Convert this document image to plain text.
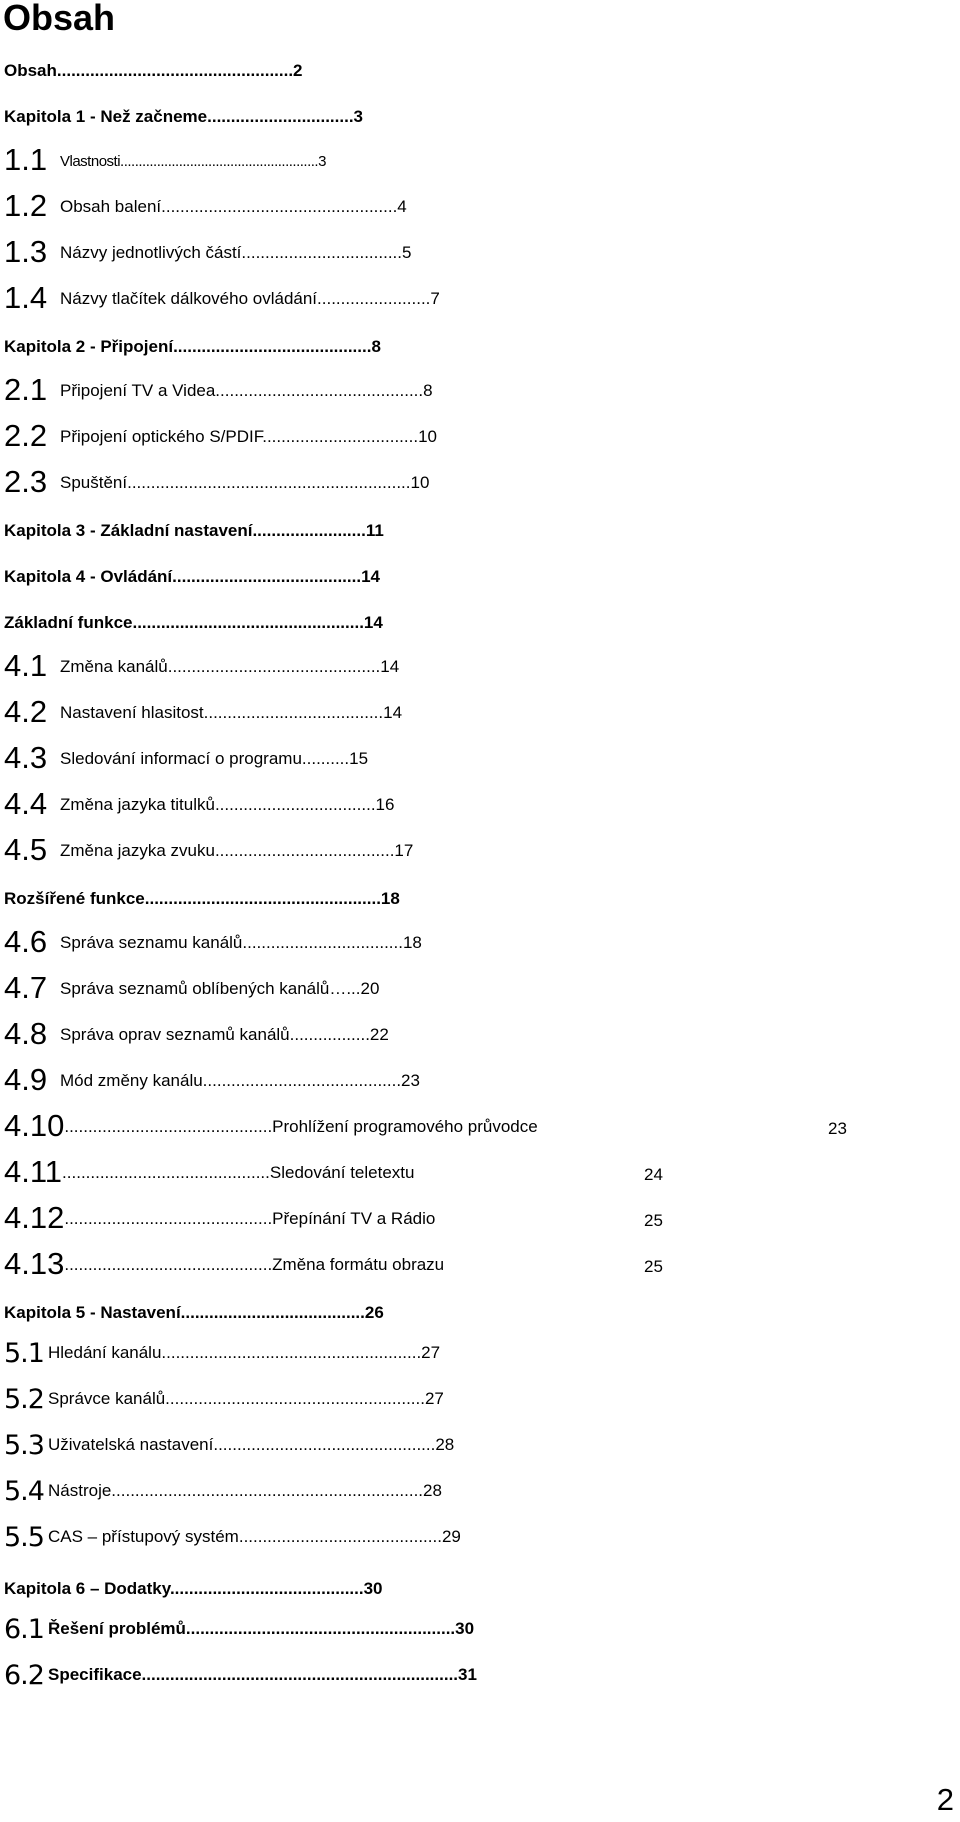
Obsah
Obsah..................................................2
Kapitola 1 - Než začneme...............................3
1.1 Vlastnosti......................................................3
1.2 Obsah balení..................................................4
1.3 Názvy jednotlivých částí..................................5
1.4 Názvy tlačítek dálkového ovládání........................7
Kapitola 2 - Připojení..........................................8
2.1 Připojení TV a Videa............................................8
2.2 Připojení optického S/PDIF.................................10
2.3 Spuštění............................................................10
Kapitola 3 - Základní nastavení........................11
Kapitola 4 - Ovládání........................................14
Základní funkce.................................................14
4.1 Změna kanálů.............................................14
4.2 Nastavení hlasitost......................................14
4.3 Sledování informací o programu..........15
4.4 Změna jazyka titulků..................................16
4.5 Změna jazyka zvuku......................................17
Rozšířené funkce..................................................18
4.6 Správa seznamu kanálů..................................18
4.7 Správa seznamů oblíbených kanálů…...20
4.8 Správa oprav seznamů kanálů.................22
4.9 Mód změny kanálu..........................................23
4.10............................................Prohlížení programového průvodce	23
4.11............................................Sledování teletextu	24
4.12............................................Přepínání TV a Rádio	25
4.13............................................Změna formátu obrazu	25
Kapitola 5 - Nastavení.......................................26
5.1 Hledání kanálu.......................................................27
5.2 Správce kanálů.......................................................27
5.3 Uživatelská nastavení...............................................28
5.4 Nástroje..................................................................28
5.5 CAS – přístupový systém...........................................29
Kapitola 6 – Dodatky.........................................30
6.1 Řešení problémů.........................................................30
6.2 Specifikace...................................................................31
2
